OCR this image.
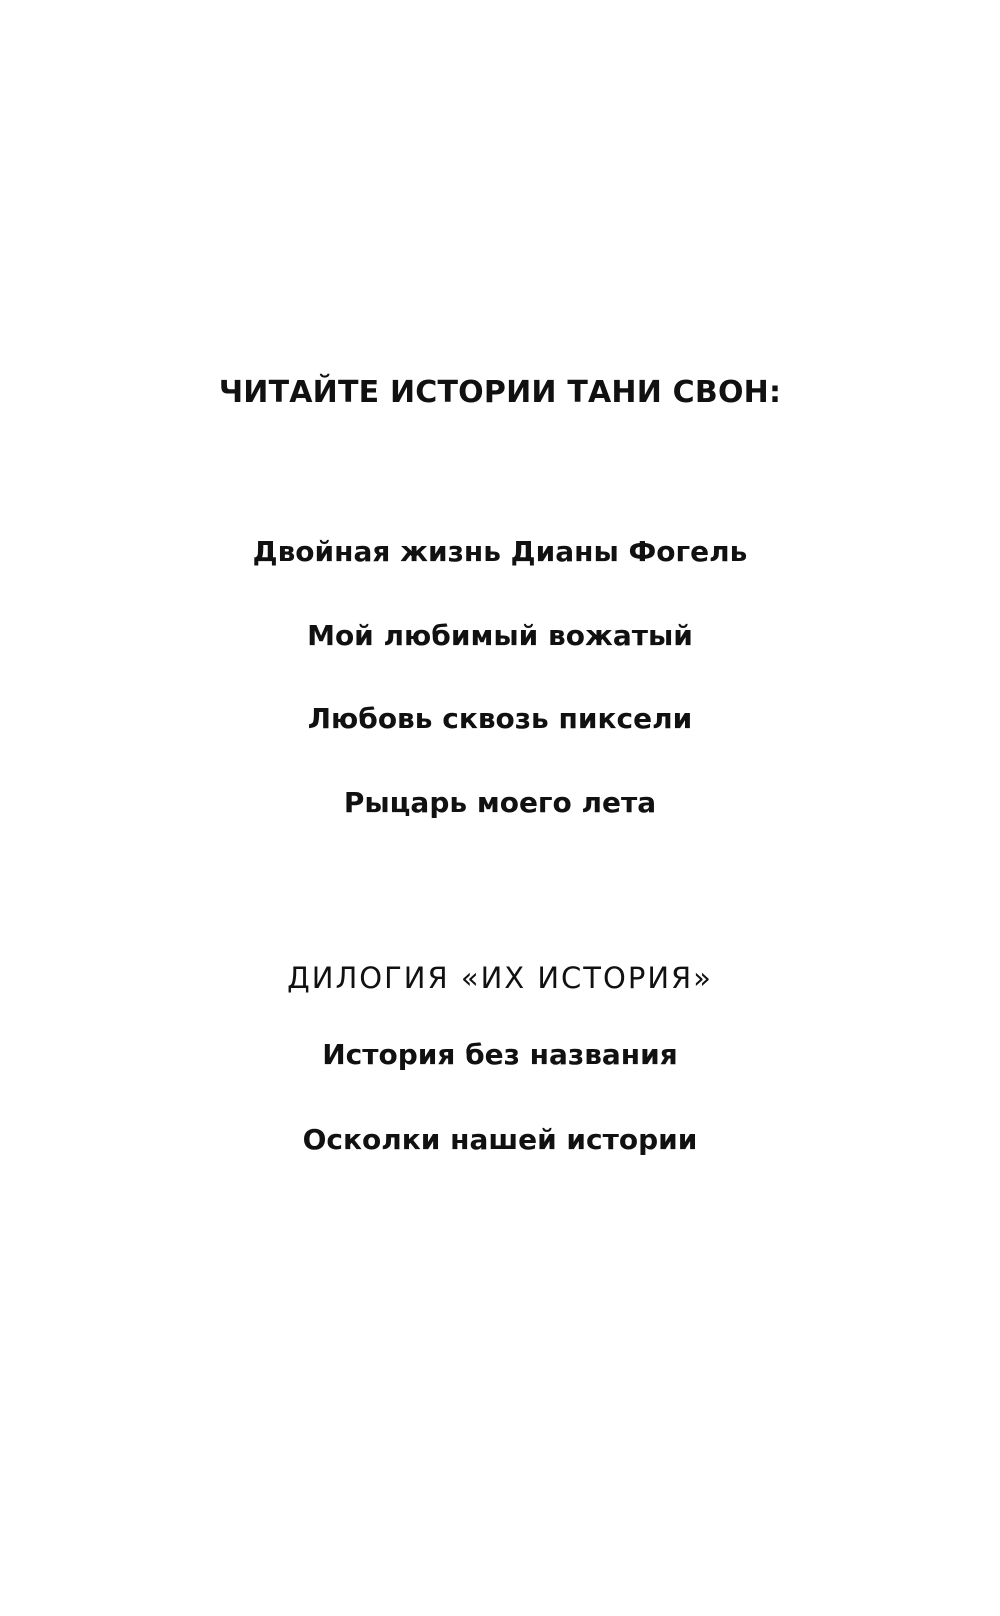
ЧИТАЙТЕ ИСТОРИИ ТАНИ СВОН:
Двойная жизнь Дианы Фогель
Мой любимый вожатый
Любовь сквозь пиксели
Рыцарь моего лета
ДИЛОГИЯ «ИХ ИСТОРИЯ»
История без названия
Осколки нашей истории
